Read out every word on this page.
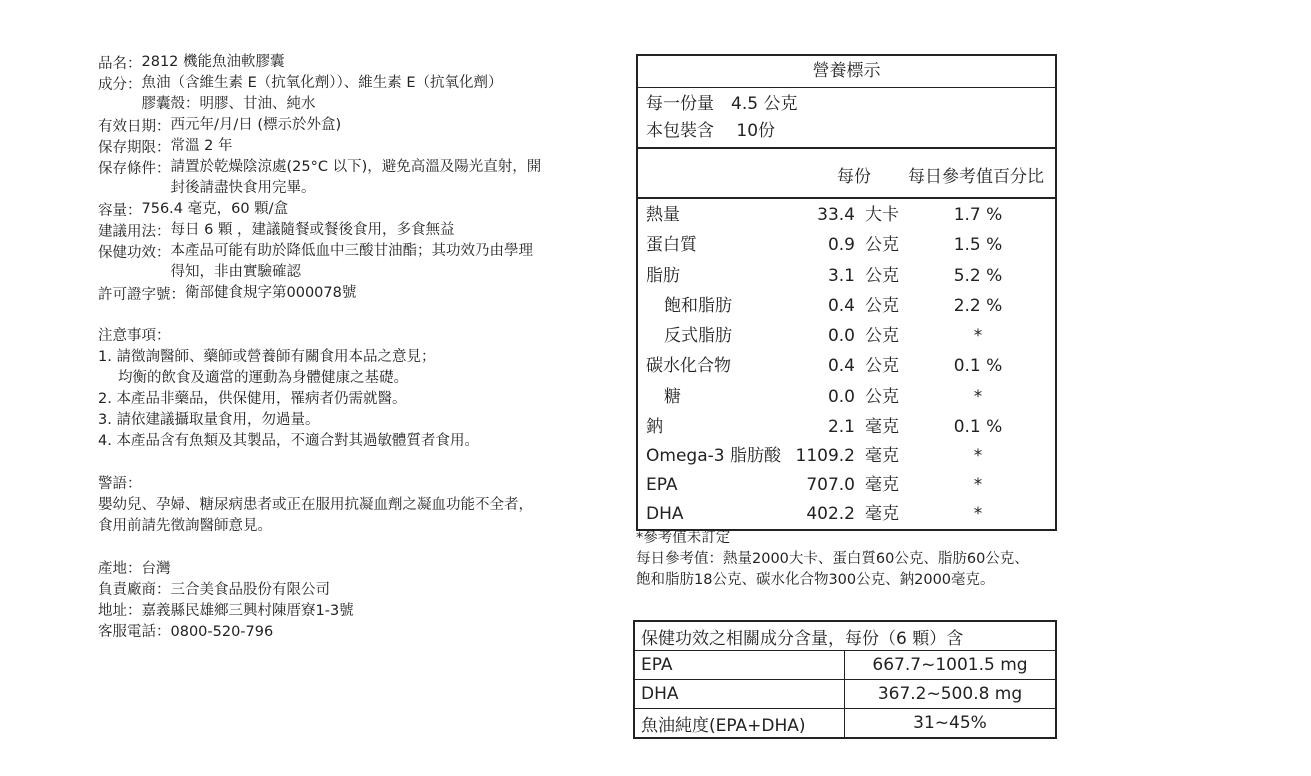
品名： 2812 機能魚油軟膠囊
成分： 魚油（含維生素 E（抗氧化劑））、維生素 E（抗氧化劑）
膠囊殼：明膠、甘油、純水
有效日期： 西元年/月/日 (標示於外盒)
保存期限： 常溫 2 年
保存條件： 請置於乾燥陰涼處(25°C 以下)，避免高溫及陽光直射，開
封後請盡快食用完畢。
容量： 756.4 毫克，60 顆/盒
建議用法： 每日 6 顆 ，建議隨餐或餐後食用，多食無益
保健功效： 本產品可能有助於降低血中三酸甘油酯；其功效乃由學理
得知，非由實驗確認
許可證字號： 衛部健食規字第000078號
注意事項：
1. 請徵詢醫師、藥師或營養師有關食用本品之意見；
均衡的飲食及適當的運動為身體健康之基礎。
2. 本產品非藥品，供保健用，罹病者仍需就醫。
3. 請依建議攝取量食用，勿過量。
4. 本產品含有魚類及其製品，不適合對其過敏體質者食用。
警語：
嬰幼兒、孕婦、糖尿病患者或正在服用抗凝血劑之凝血功能不全者，
食用前請先徵詢醫師意見。
產地：台灣
負責廠商：三合美食品股份有限公司
地址：嘉義縣民雄鄉三興村陳厝寮1-3號
客服電話：0800-520-796
營養標示
每一份量　4.5 公克
本包裝含　 10份
每份 每日參考值百分比
熱量	33.4 大卡	1.7 %
蛋白質	0.9 公克	1.5 %
脂肪	3.1 公克	5.2 %
飽和脂肪	0.4 公克	2.2 %
反式脂肪	0.0 公克	*
碳水化合物	0.4 公克	0.1 %
糖	0.0 公克	*
鈉	2.1 毫克	0.1 %
Omega-3 脂肪酸 1109.2 毫克	*
EPA	707.0 毫克	*
DHA	402.2 毫克	*
*參考值未訂定
每日參考值：熱量2000大卡、蛋白質60公克、脂肪60公克、
飽和脂肪18公克、碳水化合物300公克、鈉2000毫克。
保健功效之相關成分含量，每份（6 顆）含	
EPA	667.7~1001.5 mg
DHA	367.2~500.8 mg
魚油純度(EPA+DHA)	31~45%
